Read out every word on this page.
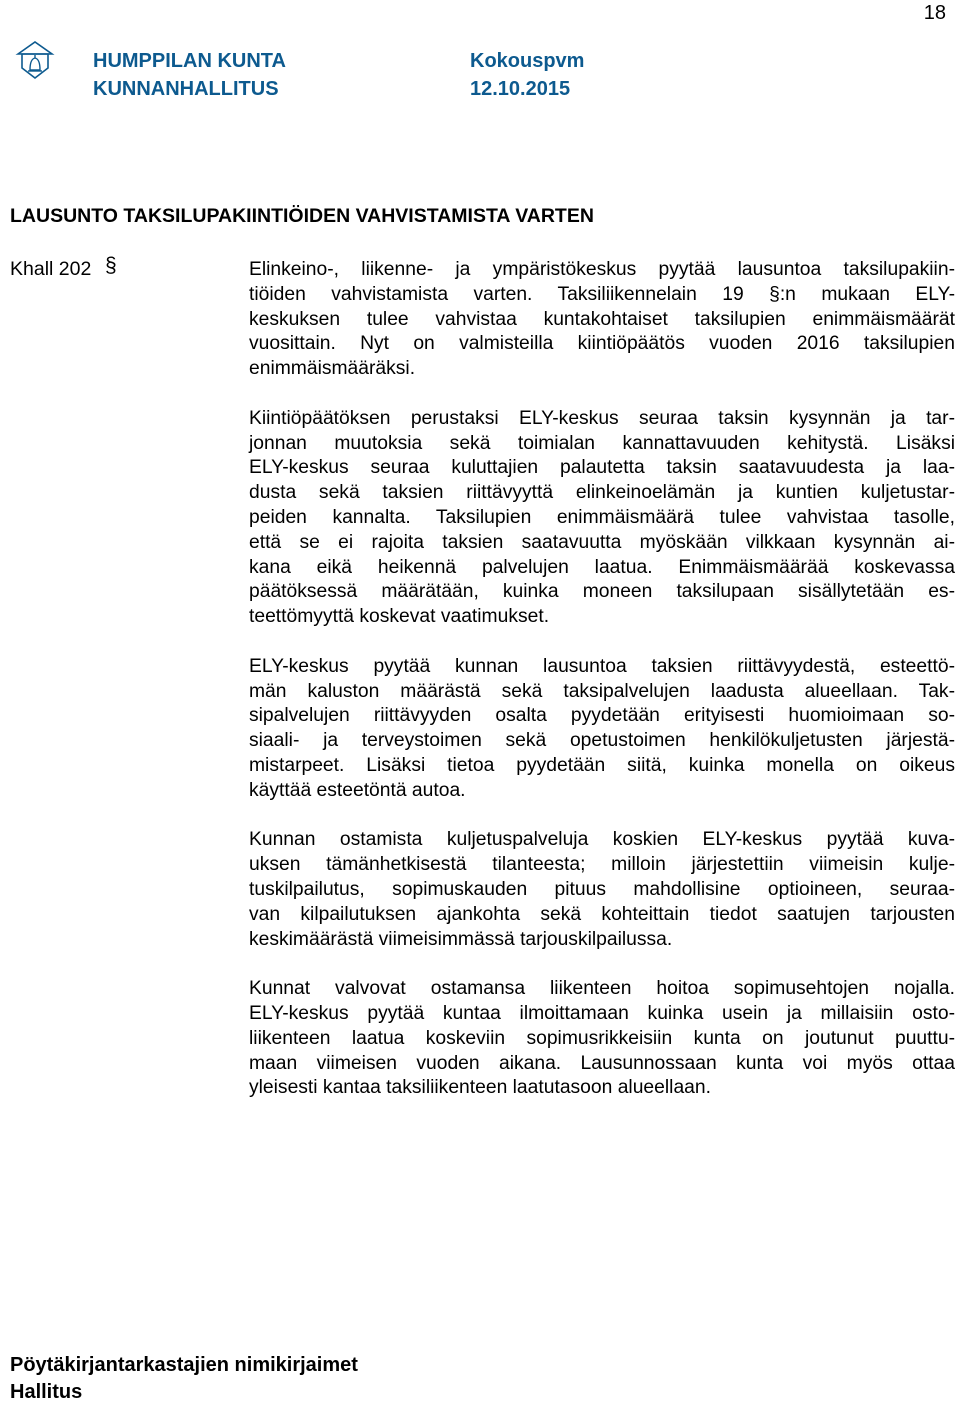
18
HUMPPILAN KUNTA
KUNNANHALLITUS
Kokouspvm
12.10.2015
LAUSUNTO TAKSILUPAKIINTIÖIDEN VAHVISTAMISTA VARTEN
Khall 202 §	Elinkeino-, liikenne- ja ympäristökeskus pyytää lausuntoa taksilupakiin-
tiöiden vahvistamista varten. Taksiliikennelain 19 §:n mukaan ELY-
keskuksen tulee vahvistaa kuntakohtaiset taksilupien enimmäismäärät
vuosittain. Nyt on valmisteilla kiintiöpäätös vuoden 2016 taksilupien
enimmäismääräksi.
Kiintiöpäätöksen perustaksi ELY-keskus seuraa taksin kysynnän ja tar-
jonnan muutoksia sekä toimialan kannattavuuden kehitystä. Lisäksi
ELY-keskus seuraa kuluttajien palautetta taksin saatavuudesta ja laa-
dusta sekä taksien riittävyyttä elinkeinoelämän ja kuntien kuljetustar-
peiden kannalta. Taksilupien enimmäismäärä tulee vahvistaa tasolle,
että se ei rajoita taksien saatavuutta myöskään vilkkaan kysynnän ai-
kana eikä heikennä palvelujen laatua. Enimmäismäärää koskevassa
päätöksessä määrätään, kuinka moneen taksilupaan sisällytetään es-
teettömyyttä koskevat vaatimukset.
ELY-keskus pyytää kunnan lausuntoa taksien riittävyydestä, esteettö-
män kaluston määrästä sekä taksipalvelujen laadusta alueellaan. Tak-
sipalvelujen riittävyyden osalta pyydetään erityisesti huomioimaan so-
siaali- ja terveystoimen sekä opetustoimen henkilökuljetusten järjestä-
mistarpeet. Lisäksi tietoa pyydetään siitä, kuinka monella on oikeus
käyttää esteetöntä autoa.
Kunnan ostamista kuljetuspalveluja koskien ELY-keskus pyytää kuva-
uksen tämänhetkisestä tilanteesta; milloin järjestettiin viimeisin kulje-
tuskilpailutus, sopimuskauden pituus mahdollisine optioineen, seuraa-
van kilpailutuksen ajankohta sekä kohteittain tiedot saatujen tarjousten
keskimäärästä viimeisimmässä tarjouskilpailussa.
Kunnat valvovat ostamansa liikenteen hoitoa sopimusehtojen nojalla.
ELY-keskus pyytää kuntaa ilmoittamaan kuinka usein ja millaisiin osto-
liikenteen laatua koskeviin sopimusrikkeisiin kunta on joutunut puuttu-
maan viimeisen vuoden aikana. Lausunnossaan kunta voi myös ottaa
yleisesti kantaa taksiliikenteen laatutasoon alueellaan.
Pöytäkirjantarkastajien nimikirjaimet
Hallitus
